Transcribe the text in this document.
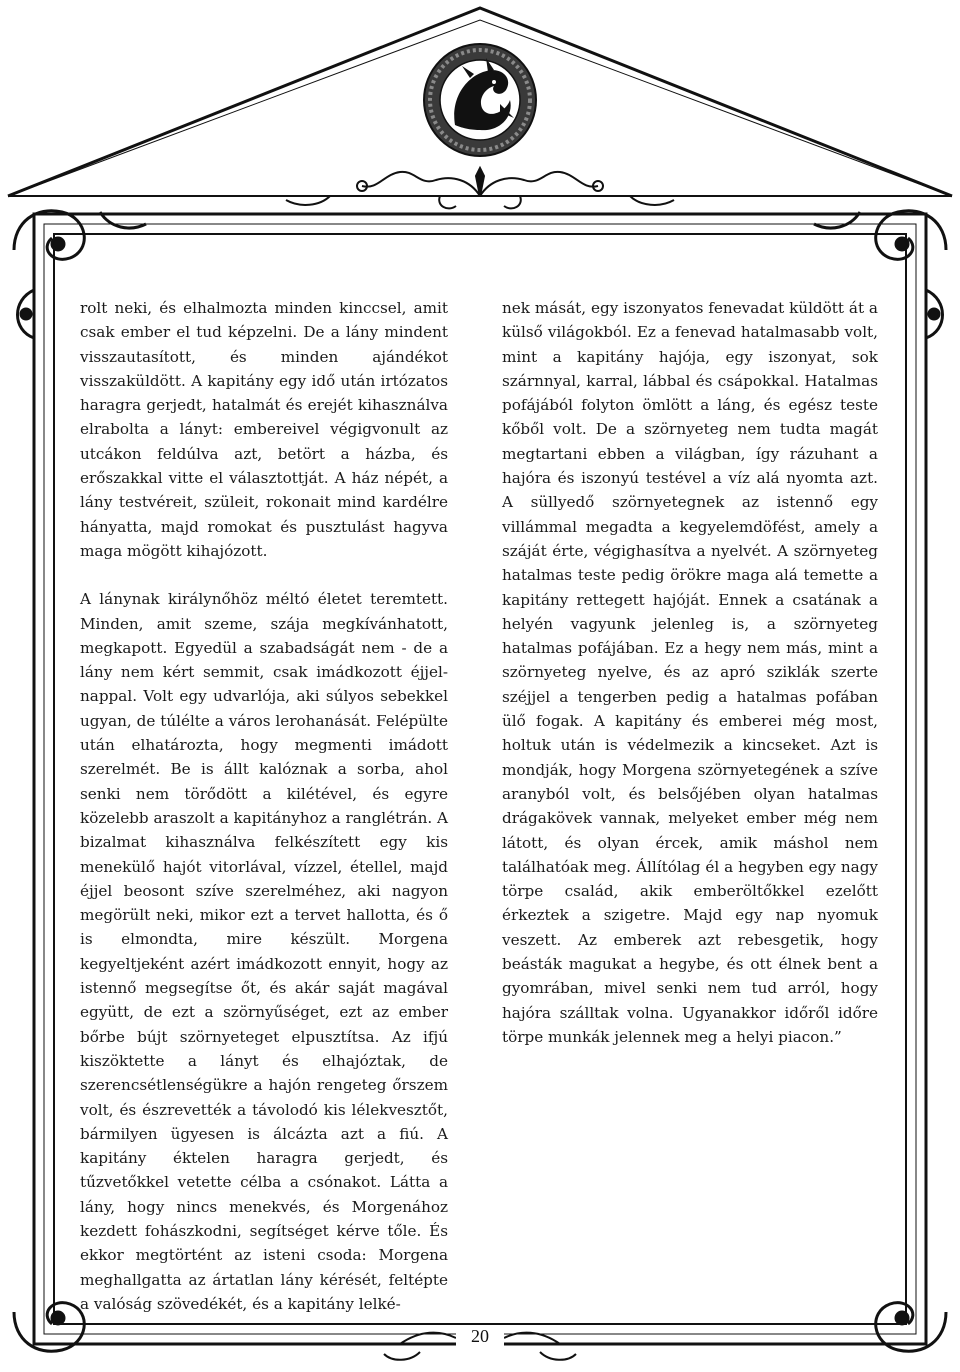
rolt neki, és elhalmozta minden kinccsel, amit csak ember el tud képzelni. De a lány mindent visszautasított, és minden ajándékot visszaküldött. A kapitány egy idő után irtózatos haragra gerjedt, hatalmát és erejét kihasználva elrabolta a lányt: embereivel végigvonult az utcákon feldúlva azt, betört a házba, és erőszakkal vitte el választottját. A ház népét, a lány testvéreit, szüleit, rokonait mind kardélre hányatta, majd romokat és pusztulást hagyva maga mögött kihajózott.

A lánynak királynőhöz méltó életet teremtett. Minden, amit szeme, szája megkívánhatott, megkapott. Egyedül a szabadságát nem - de a lány nem kért semmit, csak imádkozott éjjel-nappal. Volt egy udvarlója, aki súlyos sebekkel ugyan, de túlélte a város lerohanását. Felépülte után elhatározta, hogy megmenti imádott szerelmét. Be is állt kalóznak a sorba, ahol senki nem törődött a kilétével, és egyre közelebb araszolt a kapitányhoz a ranglétrán. A bizalmat kihasználva felkészített egy kis menekülő hajót vitorlával, vízzel, étellel, majd éjjel beosont szíve szerelméhez, aki nagyon megörült neki, mikor ezt a tervet hallotta, és ő is elmondta, mire készült. Morgena kegyeltjeként azért imádkozott ennyit, hogy az istennő megsegítse őt, és akár saját magával együtt, de ezt a szörnyűséget, ezt az ember bőrbe bújt szörnyeteget elpusztítsa. Az ifjú kiszöktette a lányt és elhajóztak, de szerencsétlenségükre a hajón rengeteg őrszem volt, és észrevették a távolodó kis lélekvesztőt, bármilyen ügyesen is álcázta azt a fiú. A kapitány éktelen haragra gerjedt, és tűzvetőkkel vetette célba a csónakot. Látta a lány, hogy nincs menekvés, és Morgenához kezdett fohászkodni, segítséget kérve tőle. És ekkor megtörtént az isteni csoda: Morgena meghallgatta az ártatlan lány kérését, feltépte a valóság szövedékét, és a kapitány lelké-

nek mását, egy iszonyatos fenevadat küldött át a külső világokból. Ez a fenevad hatalmasabb volt, mint a kapitány hajója, egy iszonyat, sok szárnnyal, karral, lábbal és csápokkal. Hatalmas pofájából folyton ömlött a láng, és egész teste kőből volt. De a szörnyeteg nem tudta magát megtartani ebben a világban, így rázuhant a hajóra és iszonyú testével a víz alá nyomta azt. A süllyedő szörnyetegnek az istennő egy villámmal megadta a kegyelemdöfést, amely a száját érte, végighasítva a nyelvét. A szörnyeteg hatalmas teste pedig örökre maga alá temette a kapitány rettegett hajóját. Ennek a csatának a helyén vagyunk jelenleg is, a szörnyeteg hatalmas pofájában. Ez a hegy nem más, mint a szörnyeteg nyelve, és az apró sziklák szerte széjjel a tengerben pedig a hatalmas pofában ülő fogak. A kapitány és emberei még most, holtuk után is védelmezik a kincseket. Azt is mondják, hogy Morgena szörnyetegének a szíve aranyból volt, és belsőjében olyan hatalmas drágakövek vannak, melyeket ember még nem látott, és olyan ércek, amik máshol nem találhatóak meg. Állítólag él a hegyben egy nagy törpe család, akik emberöltőkkel ezelőtt érkeztek a szigetre. Majd egy nap nyomuk veszett. Az emberek azt rebesgetik, hogy beásták magukat a hegybe, és ott élnek bent a gyomrában, mivel senki nem tud arról, hogy hajóra szálltak volna. Ugyanakkor időről időre törpe munkák jelennek meg a helyi piacon.”

20
